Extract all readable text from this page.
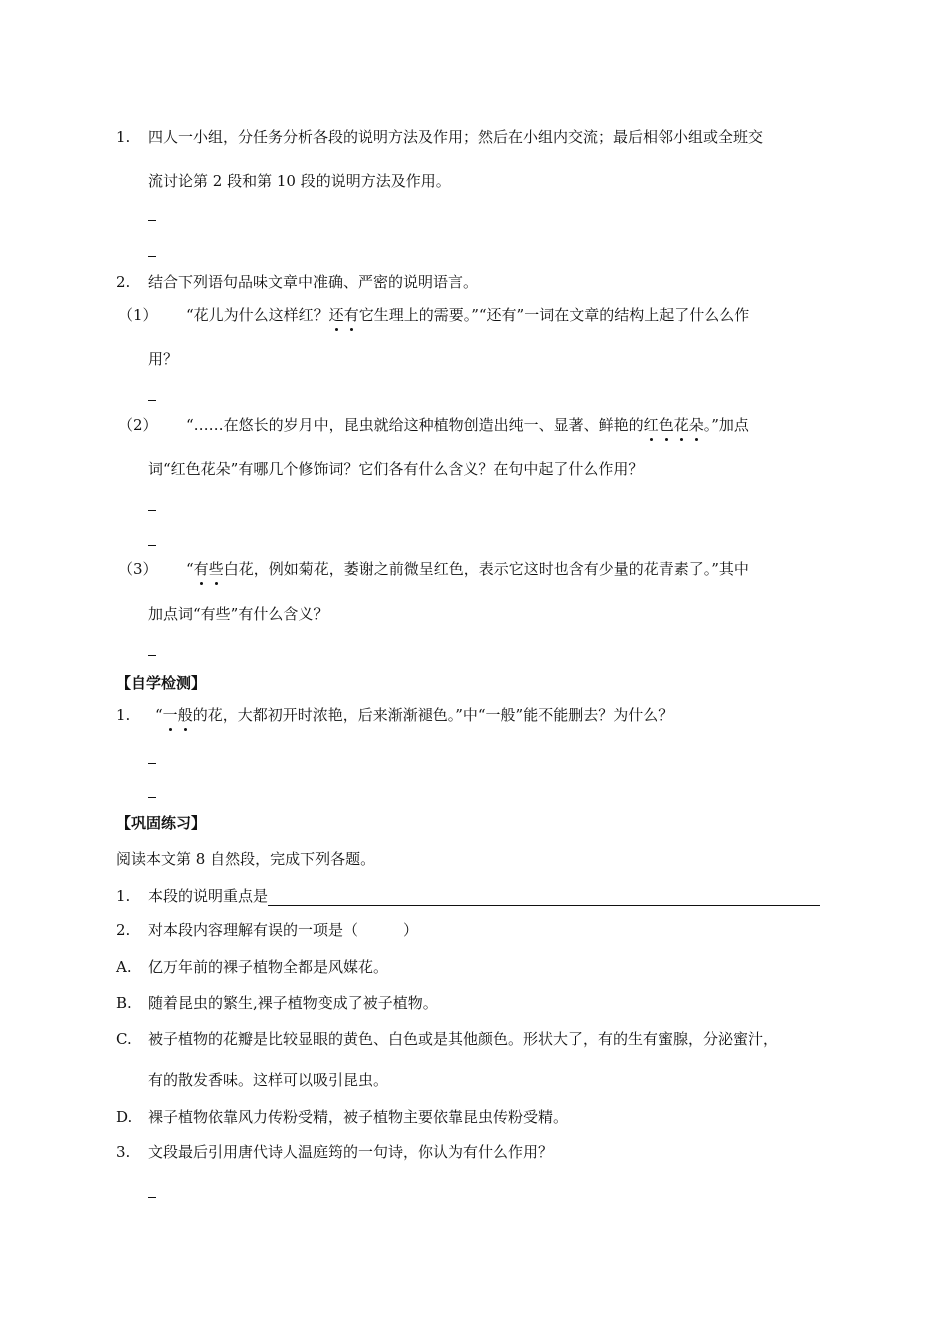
1. 四人一小组，分任务分析各段的说明方法及作用；然后在小组内交流；最后相邻小组或全班交
流讨论第 2 段和第 10 段的说明方法及作用。
2. 结合下列语句品味文章中准确、严密的说明语言。
（1） “花儿为什么这样红？还有它生理上的需要。”“还有”一词在文章的结构上起了什么么作
用？
（2） “……在悠长的岁月中，昆虫就给这种植物创造出纯一、显著、鲜艳的红色花朵。”加点
词“红色花朵”有哪几个修饰词？它们各有什么含义？在句中起了什么作用？
（3） “有些白花，例如菊花，萎谢之前微呈红色，表示它这时也含有少量的花青素了。”其中
加点词“有些”有什么含义？
【自学检测】
1. “一般的花，大都初开时浓艳，后来渐渐褪色。”中“一般”能不能删去？为什么？
【巩固练习】
阅读本文第 8 自然段，完成下列各题。
1. 本段的说明重点是
2. 对本段内容理解有误的一项是（　　　）
A. 亿万年前的裸子植物全都是风媒花。
B. 随着昆虫的繁生,裸子植物变成了被子植物。
C. 被子植物的花瓣是比较显眼的黄色、白色或是其他颜色。形状大了，有的生有蜜腺，分泌蜜汁，
有的散发香味。这样可以吸引昆虫。
D. 裸子植物依靠风力传粉受精，被子植物主要依靠昆虫传粉受精。
3. 文段最后引用唐代诗人温庭筠的一句诗，你认为有什么作用？
